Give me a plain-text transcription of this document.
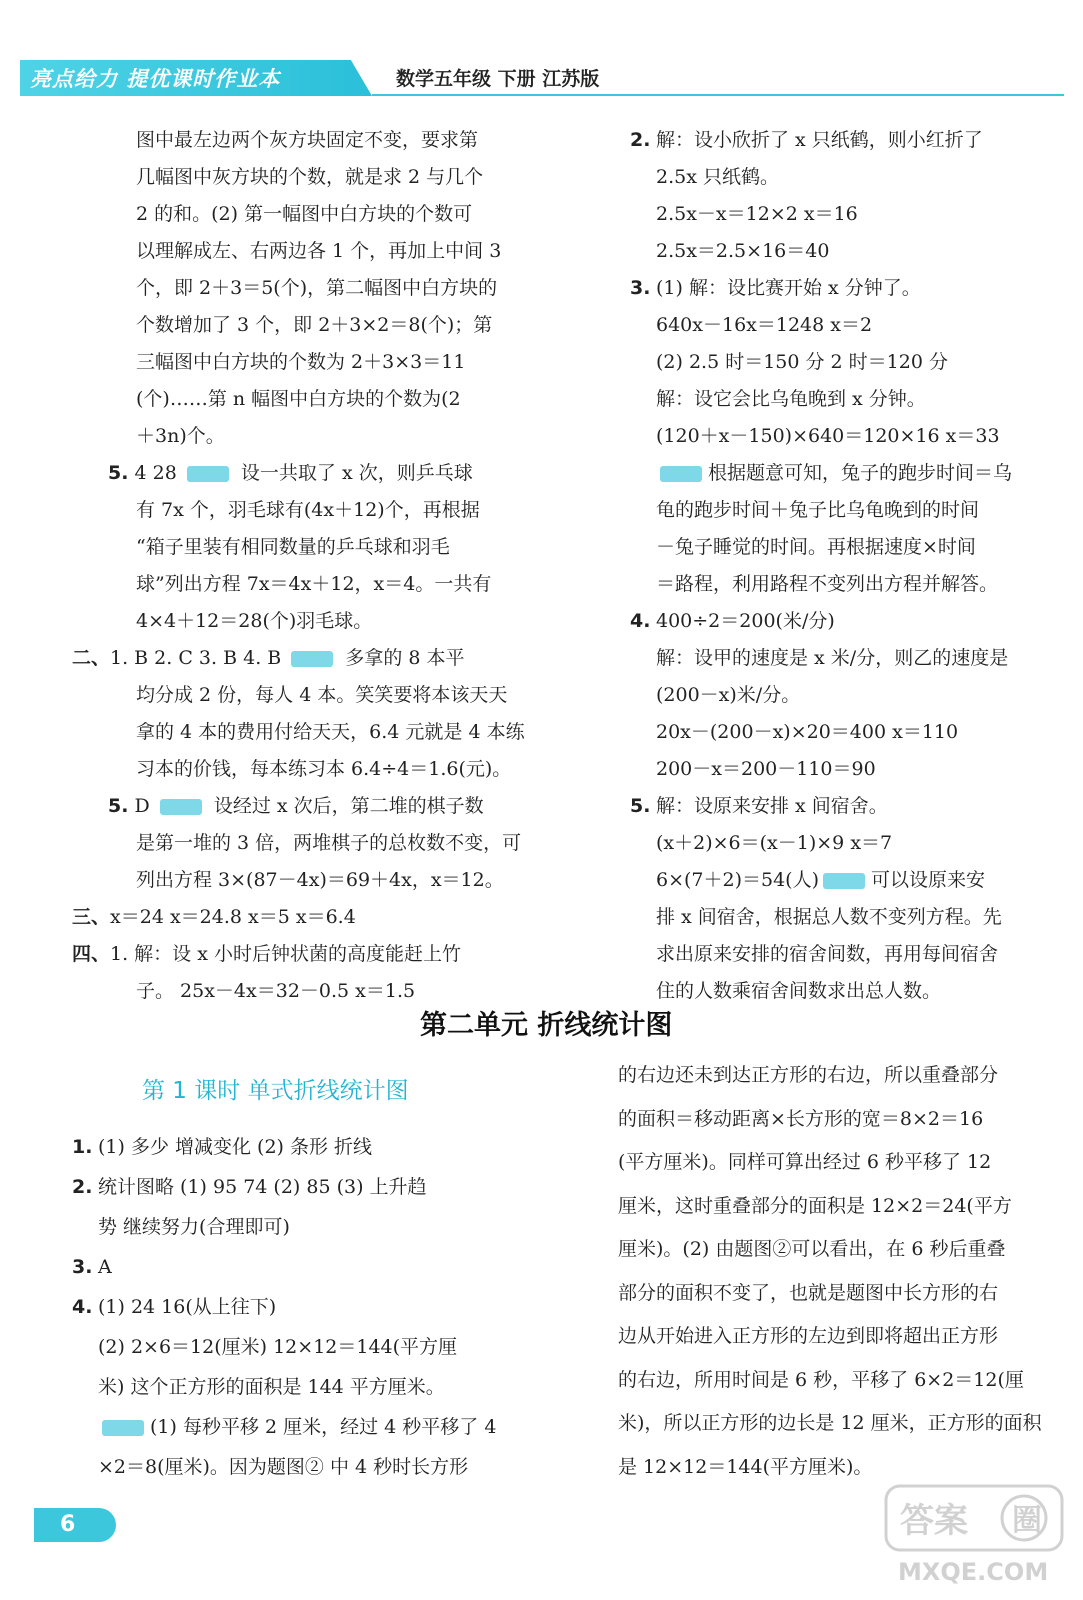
亮点给力 提优课时作业本	数学五年级 下册 江苏版
图中最左边两个灰方块固定不变，要求第
几幅图中灰方块的个数，就是求 2 与几个
2 的和。(2) 第一幅图中白方块的个数可
以理解成左、右两边各 1 个，再加上中间 3
个，即 2＋3＝5(个)，第二幅图中白方块的
个数增加了 3 个，即 2＋3×2＝8(个)；第
三幅图中白方块的个数为 2＋3×3＝11
(个)……第 n 幅图中白方块的个数为(2
＋3n)个。
5. 4 28	设一共取了 x 次，则乒乓球
有 7x 个，羽毛球有(4x＋12)个，再根据
“箱子里装有相同数量的乒乓球和羽毛
球”列出方程 7x＝4x＋12，x＝4。一共有
4×4＋12＝28(个)羽毛球。
二、1. B 2. C 3. B 4. B	多拿的 8 本平
均分成 2 份，每人 4 本。笑笑要将本该天天
拿的 4 本的费用付给天天，6.4 元就是 4 本练
习本的价钱，每本练习本 6.4÷4＝1.6(元)。
5. D	设经过 x 次后，第二堆的棋子数
是第一堆的 3 倍，两堆棋子的总枚数不变，可
列出方程 3×(87－4x)＝69＋4x，x＝12。
三、x＝24 x＝24.8 x＝5 x＝6.4
四、1. 解：设 x 小时后钟状菌的高度能赶上竹
子。 25x－4x＝32－0.5 x＝1.5
2. 解：设小欣折了 x 只纸鹤，则小红折了
2.5x 只纸鹤。
2.5x－x＝12×2 x＝16
2.5x＝2.5×16＝40
3. (1) 解：设比赛开始 x 分钟了。
640x－16x＝1248 x＝2
(2) 2.5 时＝150 分 2 时＝120 分
解：设它会比乌龟晚到 x 分钟。
(120＋x－150)×640＝120×16 x＝33
根据题意可知，兔子的跑步时间＝乌
龟的跑步时间＋兔子比乌龟晚到的时间
－兔子睡觉的时间。再根据速度×时间
＝路程，利用路程不变列出方程并解答。
4. 400÷2＝200(米/分)
解：设甲的速度是 x 米/分，则乙的速度是
(200－x)米/分。
20x－(200－x)×20＝400 x＝110
200－x＝200－110＝90
5. 解：设原来安排 x 间宿舍。
(x＋2)×6＝(x－1)×9 x＝7
6×(7＋2)＝54(人)	可以设原来安
排 x 间宿舍，根据总人数不变列方程。先
求出原来安排的宿舍间数，再用每间宿舍
住的人数乘宿舍间数求出总人数。
第二单元 折线统计图
第 1 课时 单式折线统计图
1. (1) 多少 增减变化 (2) 条形 折线
2. 统计图略 (1) 95 74 (2) 85 (3) 上升趋
势 继续努力(合理即可)
3. A
4. (1) 24 16(从上往下)
(2) 2×6＝12(厘米) 12×12＝144(平方厘
米) 这个正方形的面积是 144 平方厘米。
(1) 每秒平移 2 厘米，经过 4 秒平移了 4
×2＝8(厘米)。因为题图② 中 4 秒时长方形
的右边还未到达正方形的右边，所以重叠部分
的面积＝移动距离×长方形的宽＝8×2＝16
(平方厘米)。同样可算出经过 6 秒平移了 12
厘米，这时重叠部分的面积是 12×2＝24(平方
厘米)。(2) 由题图②可以看出，在 6 秒后重叠
部分的面积不变了，也就是题图中长方形的右
边从开始进入正方形的左边到即将超出正方形
的右边，所用时间是 6 秒，平移了 6×2＝12(厘
米)，所以正方形的边长是 12 厘米，正方形的面积
是 12×12＝144(平方厘米)。
6	答案 圈
MXQE.COM
